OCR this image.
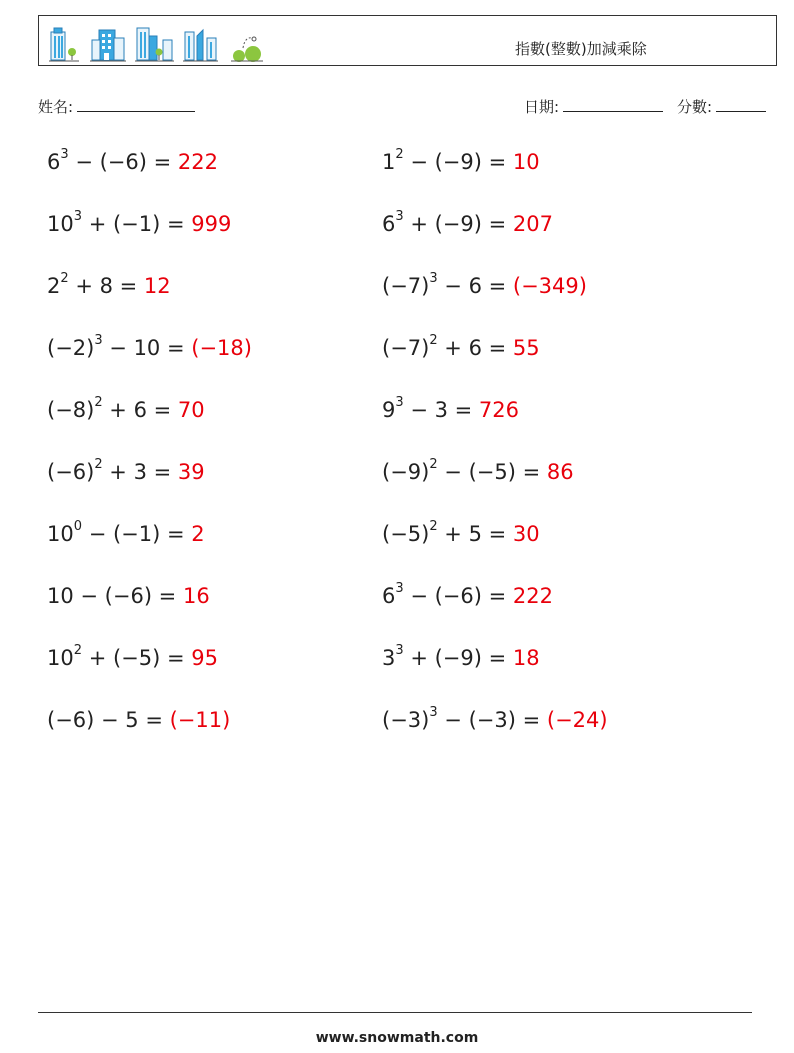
指數(整數)加減乘除
姓名:	日期:	分數:
$6^3 - (-6) = 222$	$1^2 - (-9) = 10$
$10^3 + (-1) = 999$	$6^3 + (-9) = 207$
$2^2 + 8 = 12$	$(-7)^3 - 6 = (-349)$
$(-2)^3 - 10 = (-18)$	$(-7)^2 + 6 = 55$
$(-8)^2 + 6 = 70$	$9^3 - 3 = 726$
$(-6)^2 + 3 = 39$	$(-9)^2 - (-5) = 86$
$10^0 - (-1) = 2$	$(-5)^2 + 5 = 30$
10 − (−6) = 16	$6^3 - (-6) = 222$
$10^2 + (-5) = 95$	$3^3 + (-9) = 18$
(−6) − 5 = (−11)	$(-3)^3 - (-3) = (-24)$
www.snowmath.com
